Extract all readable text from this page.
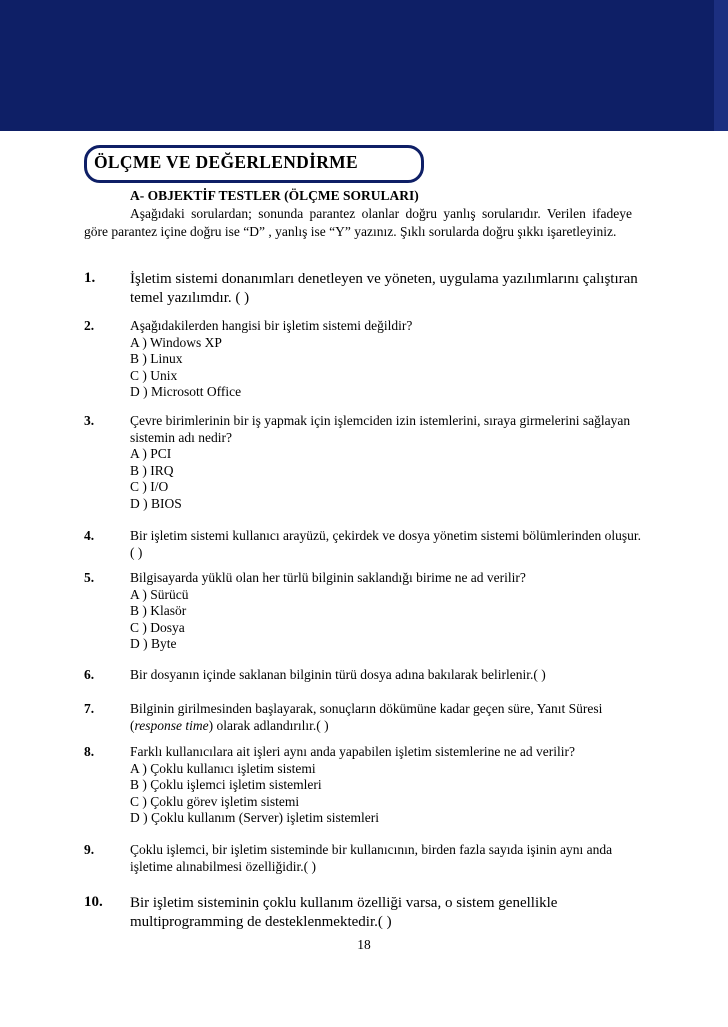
ÖLÇME VE DEĞERLENDİRME
A- OBJEKTİF TESTLER (ÖLÇME SORULARI)
Aşağıdaki sorulardan; sonunda parantez olanlar doğru yanlış sorularıdır. Verilen ifadeye göre parantez içine doğru ise “D” , yanlış ise “Y” yazınız. Şıklı sorularda doğru şıkkı işaretleyiniz.
1. İşletim sistemi donanımları denetleyen ve yöneten, uygulama yazılımlarını çalıştıran temel yazılımdır. ( )
2.	Aşağıdakilerden hangisi bir işletim sistemi değildir?
A ) Windows XP
B ) Linux
C ) Unix
D ) Microsott Office
3.	Çevre birimlerinin bir iş yapmak için işlemciden izin istemlerini, sıraya girmelerini sağlayan sistemin adı nedir?
A ) PCI
B ) IRQ
C ) I/O
D ) BIOS
4.	Bir işletim sistemi kullanıcı arayüzü, çekirdek ve dosya yönetim sistemi bölümlerinden oluşur.( )
5.	Bilgisayarda yüklü olan her türlü bilginin saklandığı birime ne ad verilir?
A ) Sürücü
B ) Klasör
C ) Dosya
D ) Byte
6.	Bir dosyanın içinde saklanan bilginin türü dosya adına bakılarak belirlenir.( )
7.	Bilginin girilmesinden başlayarak, sonuçların dökümüne kadar geçen süre, Yanıt Süresi (response time) olarak adlandırılır.( )
8.	Farklı kullanıcılara ait işleri aynı anda yapabilen işletim sistemlerine ne ad verilir?
A ) Çoklu kullanıcı işletim sistemi
B ) Çoklu işlemci işletim sistemleri
C ) Çoklu görev işletim sistemi
D ) Çoklu kullanım (Server) işletim sistemleri
9.	Çoklu işlemci, bir işletim sisteminde bir kullanıcının, birden fazla sayıda işinin aynı anda işletime alınabilmesi özelliğidir.( )
10. Bir işletim sisteminin çoklu kullanım özelliği varsa, o sistem genellikle multiprogramming de desteklenmektedir.( )
18
